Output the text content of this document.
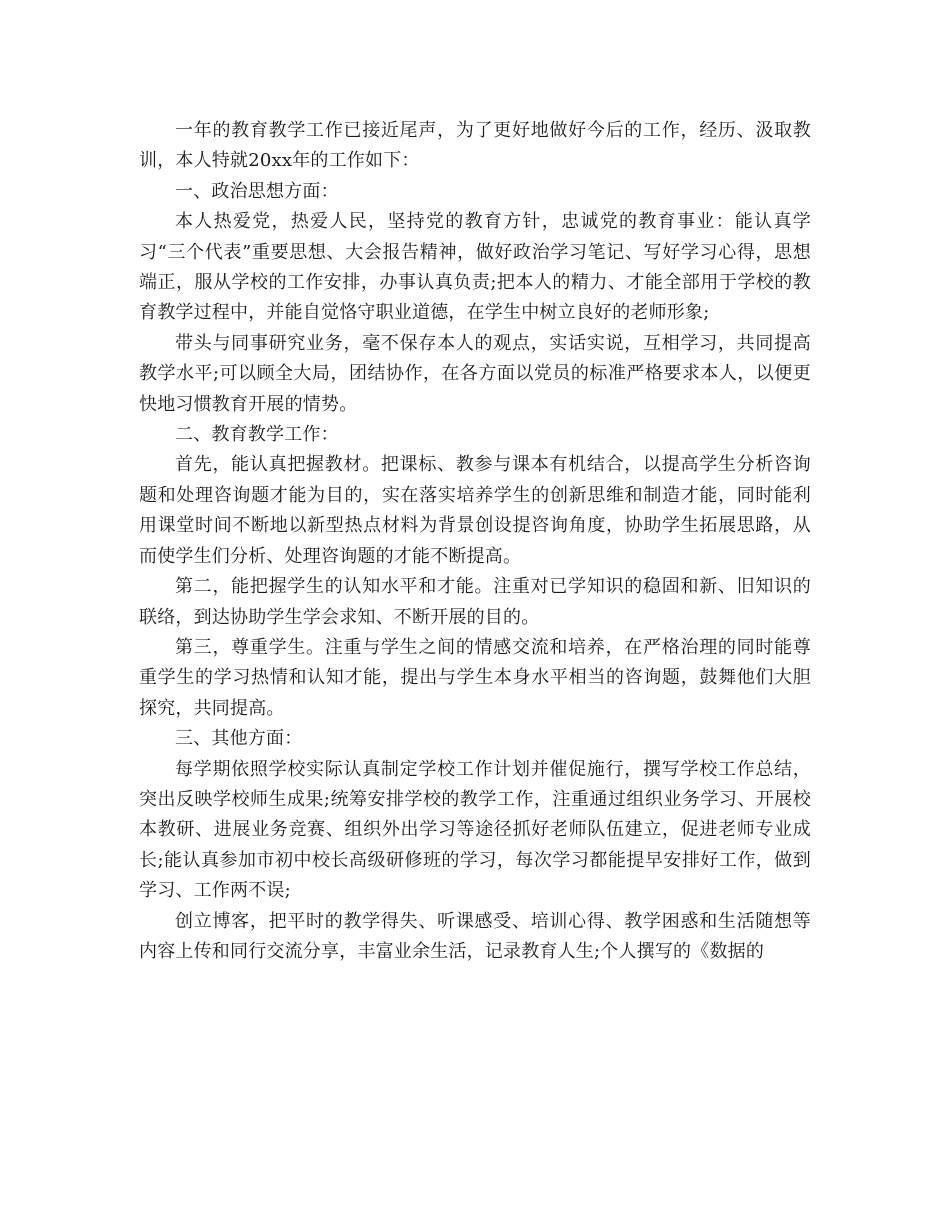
一年的教育教学工作已接近尾声，为了更好地做好今后的工作，经历、汲取教训，本人特就20xx年的工作如下：

一、政治思想方面：

本人热爱党，热爱人民，坚持党的教育方针，忠诚党的教育事业：能认真学习“三个代表”重要思想、大会报告精神，做好政治学习笔记、写好学习心得，思想端正，服从学校的工作安排，办事认真负责;把本人的精力、才能全部用于学校的教育教学过程中，并能自觉恪守职业道德，在学生中树立良好的老师形象;

带头与同事研究业务，毫不保存本人的观点，实话实说，互相学习，共同提高教学水平;可以顾全大局，团结协作，在各方面以党员的标准严格要求本人，以便更快地习惯教育开展的情势。

二、教育教学工作：

首先，能认真把握教材。把课标、教参与课本有机结合，以提高学生分析咨询题和处理咨询题才能为目的，实在落实培养学生的创新思维和制造才能，同时能利用课堂时间不断地以新型热点材料为背景创设提咨询角度，协助学生拓展思路，从而使学生们分析、处理咨询题的才能不断提高。

第二，能把握学生的认知水平和才能。注重对已学知识的稳固和新、旧知识的联络，到达协助学生学会求知、不断开展的目的。

第三，尊重学生。注重与学生之间的情感交流和培养，在严格治理的同时能尊重学生的学习热情和认知才能，提出与学生本身水平相当的咨询题，鼓舞他们大胆探究，共同提高。

三、其他方面：

每学期依照学校实际认真制定学校工作计划并催促施行，撰写学校工作总结，突出反映学校师生成果;统筹安排学校的教学工作，注重通过组织业务学习、开展校本教研、进展业务竞赛、组织外出学习等途径抓好老师队伍建立，促进老师专业成长;能认真参加市初中校长高级研修班的学习，每次学习都能提早安排好工作，做到学习、工作两不误;

创立博客，把平时的教学得失、听课感受、培训心得、教学困惑和生活随想等内容上传和同行交流分享，丰富业余生活，记录教育人生;个人撰写的《数据的
